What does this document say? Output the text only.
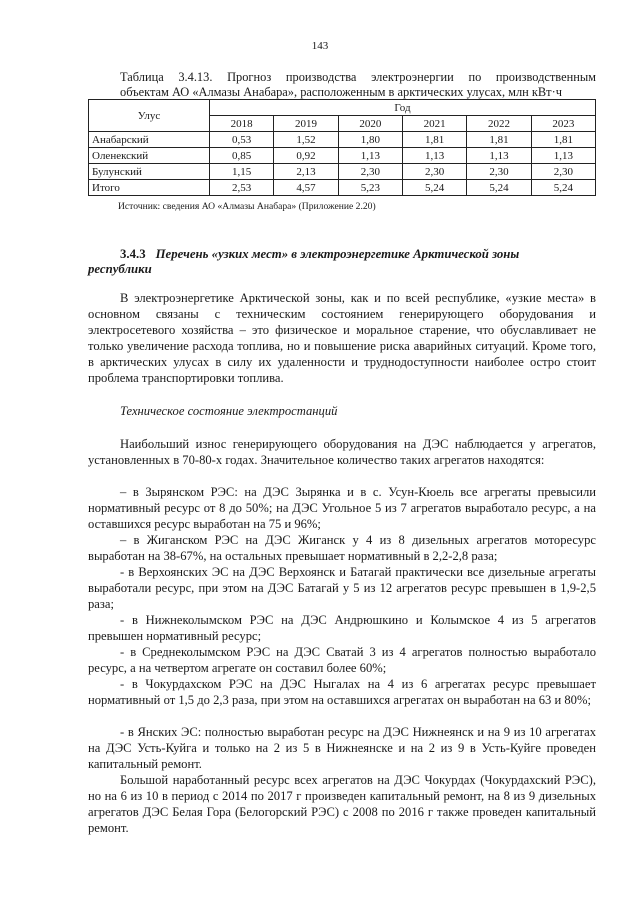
143
Таблица 3.4.13. Прогноз производства электроэнергии по производственным
объектам АО «Алмазы Анабара», расположенным в арктических улусах, млн кВт·ч
Улус	Год					
	2018	2019	2020	2021	2022	2023
Анабарский	0,53	1,52	1,80	1,81	1,81	1,81
Оленекский	0,85	0,92	1,13	1,13	1,13	1,13
Булунский	1,15	2,13	2,30	2,30	2,30	2,30
Итого	2,53	4,57	5,23	5,24	5,24	5,24
Источник: сведения АО «Алмазы Анабара» (Приложение 2.20)
3.4.3 Перечень «узких мест» в электроэнергетике Арктической зоны
республики
В электроэнергетике Арктической зоны, как и по всей республике, «узкие места» в основном связаны с техническим состоянием генерирующего оборудования и электросетевого хозяйства – это физическое и моральное старение, что обуславливает не только увеличение расхода топлива, но и повышение риска аварийных ситуаций. Кроме того, в арктических улусах в силу их удаленности и труднодоступности наиболее остро стоит проблема транспортировки топлива.
Техническое состояние электростанций
Наибольший износ генерирующего оборудования на ДЭС наблюдается у агрегатов, установленных в 70-80-х годах. Значительное количество таких агрегатов находятся:
– в Зырянском РЭС: на ДЭС Зырянка и в с. Усун-Кюель все агрегаты превысили нормативный ресурс от 8 до 50%; на ДЭС Угольное 5 из 7 агрегатов выработало ресурс, а на оставшихся ресурс выработан на 75 и 96%;
– в Жиганском РЭС на ДЭС Жиганск у 4 из 8 дизельных агрегатов моторесурс выработан на 38-67%, на остальных превышает нормативный в 2,2-2,8 раза;
- в Верхоянских ЭС на ДЭС Верхоянск и Батагай практически все дизельные агрегаты выработали ресурс, при этом на ДЭС Батагай у 5 из 12 агрегатов ресурс превышен в 1,9-2,5 раза;
- в Нижнеколымском РЭС на ДЭС Андрюшкино и Колымское 4 из 5 агрегатов превышен нормативный ресурс;
- в Среднеколымском РЭС на ДЭС Сватай 3 из 4 агрегатов полностью выработало ресурс, а на четвертом агрегате он составил более 60%;
- в Чокурдахском РЭС на ДЭС Ныгалах на 4 из 6 агрегатах ресурс превышает нормативный от 1,5 до 2,3 раза, при этом на оставшихся агрегатах он выработан на 63 и 80%;
- в Янских ЭС: полностью выработан ресурс на ДЭС Нижнеянск и на 9 из 10 агрегатах на ДЭС Усть-Куйга и только на 2 из 5 в Нижнеянске и на 2 из 9 в Усть-Куйге проведен капитальный ремонт.
Большой наработанный ресурс всех агрегатов на ДЭС Чокурдах (Чокурдахский РЭС), но на 6 из 10 в период с 2014 по 2017 г произведен капитальный ремонт, на 8 из 9 дизельных агрегатов ДЭС Белая Гора (Белогорский РЭС) с 2008 по 2016 г также проведен капитальный ремонт.
